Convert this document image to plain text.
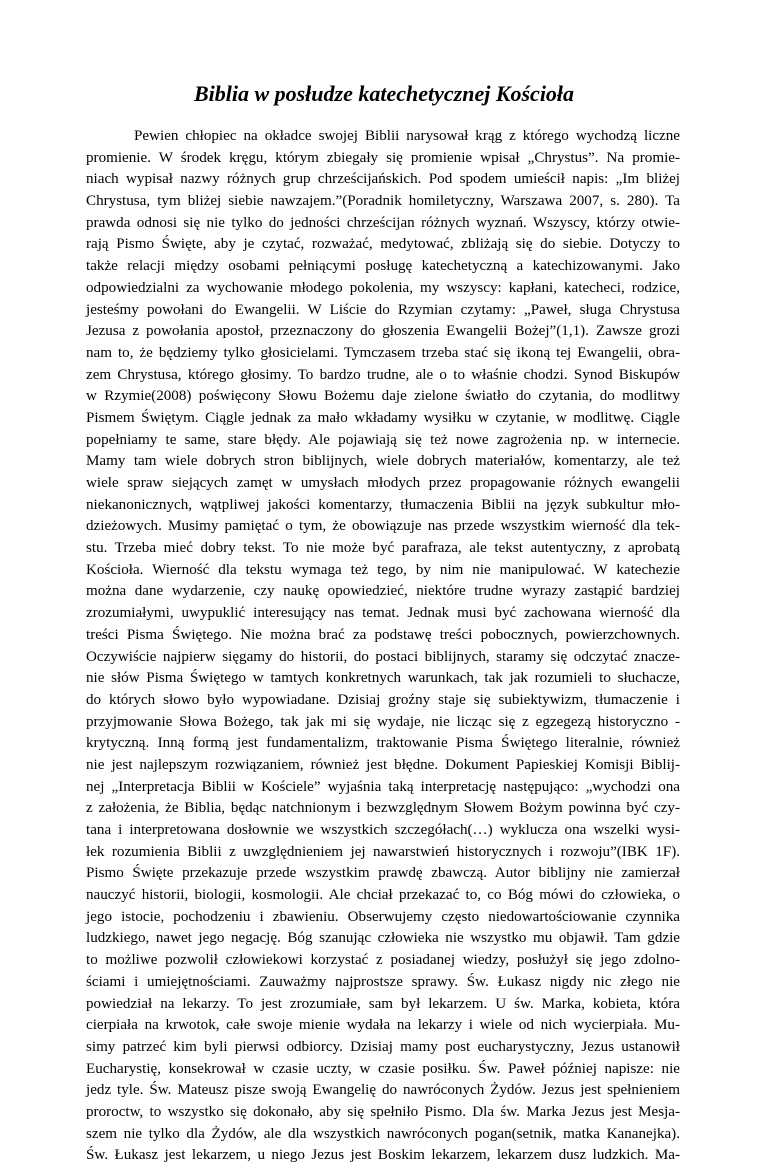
Biblia w posłudze katechetycznej Kościoła
Pewien chłopiec na okładce swojej Biblii narysował krąg z którego wychodzą liczne
promienie. W środek kręgu, którym zbiegały się promienie wpisał „Chrystus”. Na promie-
niach wypisał nazwy różnych grup chrześcijańskich. Pod spodem umieścił napis: „Im bliżej
Chrystusa, tym bliżej siebie nawzajem.”(Poradnik homiletyczny, Warszawa 2007, s. 280). Ta
prawda odnosi się nie tylko do jedności chrześcijan różnych wyznań. Wszyscy, którzy otwie-
rają Pismo Święte, aby je czytać, rozważać, medytować, zbliżają się do siebie. Dotyczy to
także relacji między osobami pełniącymi posługę katechetyczną a katechizowanymi. Jako
odpowiedzialni za wychowanie młodego pokolenia, my wszyscy: kapłani, katecheci, rodzice,
jesteśmy powołani do Ewangelii. W Liście do Rzymian czytamy: „Paweł, sługa Chrystusa
Jezusa z powołania apostoł, przeznaczony do głoszenia Ewangelii Bożej”(1,1). Zawsze grozi
nam to, że będziemy tylko głosicielami. Tymczasem trzeba stać się ikoną tej Ewangelii, obra-
zem Chrystusa, którego głosimy. To bardzo trudne, ale o to właśnie chodzi. Synod Biskupów
w Rzymie(2008) poświęcony Słowu Bożemu daje zielone światło do czytania, do modlitwy
Pismem Świętym. Ciągle jednak za mało wkładamy wysiłku w czytanie, w modlitwę. Ciągle
popełniamy te same, stare błędy. Ale pojawiają się też nowe zagrożenia np. w internecie.
Mamy tam wiele dobrych stron biblijnych, wiele dobrych materiałów, komentarzy, ale też
wiele spraw siejących zamęt w umysłach młodych przez propagowanie różnych ewangelii
niekanonicznych, wątpliwej jakości komentarzy, tłumaczenia Biblii na język subkultur mło-
dzieżowych. Musimy pamiętać o tym, że obowiązuje nas przede wszystkim wierność dla tek-
stu. Trzeba mieć dobry tekst. To nie może być parafraza, ale tekst autentyczny, z aprobatą
Kościoła. Wierność dla tekstu wymaga też tego, by nim nie manipulować. W katechezie
można dane wydarzenie, czy naukę opowiedzieć, niektóre trudne wyrazy zastąpić bardziej
zrozumiałymi, uwypuklić interesujący nas temat. Jednak musi być zachowana wierność dla
treści Pisma Świętego. Nie można brać za podstawę treści pobocznych, powierzchownych.
Oczywiście najpierw sięgamy do historii, do postaci biblijnych, staramy się odczytać znacze-
nie słów Pisma Świętego w tamtych konkretnych warunkach, tak jak rozumieli to słuchacze,
do których słowo było wypowiadane. Dzisiaj groźny staje się subiektywizm, tłumaczenie i
przyjmowanie Słowa Bożego, tak jak mi się wydaje, nie licząc się z egzegezą historyczno -
krytyczną. Inną formą jest fundamentalizm, traktowanie Pisma Świętego literalnie, również
nie jest najlepszym rozwiązaniem, również jest błędne. Dokument Papieskiej Komisji Biblij-
nej „Interpretacja Biblii w Kościele” wyjaśnia taką interpretację następująco: „wychodzi ona
z założenia, że Biblia, będąc natchnionym i bezwzględnym Słowem Bożym powinna być czy-
tana i interpretowana dosłownie we wszystkich szczegółach(…) wyklucza ona wszelki wysi-
łek rozumienia Biblii z uwzględnieniem jej nawarstwień historycznych i rozwoju”(IBK 1F).
Pismo Święte przekazuje przede wszystkim prawdę zbawczą. Autor biblijny nie zamierzał
nauczyć historii, biologii, kosmologii. Ale chciał przekazać to, co Bóg mówi do człowieka, o
jego istocie, pochodzeniu i zbawieniu. Obserwujemy często niedowartościowanie czynnika
ludzkiego, nawet jego negację. Bóg szanując człowieka nie wszystko mu objawił. Tam gdzie
to możliwe pozwolił człowiekowi korzystać z posiadanej wiedzy, posłużył się jego zdolno-
ściami i umiejętnościami. Zauważmy najprostsze sprawy. Św. Łukasz nigdy nic złego nie
powiedział na lekarzy. To jest zrozumiałe, sam był lekarzem. U św. Marka, kobieta, która
cierpiała na krwotok, całe swoje mienie wydała na lekarzy i wiele od nich wycierpiała. Mu-
simy patrzeć kim byli pierwsi odbiorcy. Dzisiaj mamy post eucharystyczny, Jezus ustanowił
Eucharystię, konsekrował w czasie uczty, w czasie posiłku. Św. Paweł później napisze: nie
jedz tyle. Św. Mateusz pisze swoją Ewangelię do nawróconych Żydów. Jezus jest spełnieniem
proroctw, to wszystko się dokonało, aby się spełniło Pismo. Dla św. Marka Jezus jest Mesja-
szem nie tylko dla Żydów, ale dla wszystkich nawróconych pogan(setnik, matka Kananejka).
Św. Łukasz jest lekarzem, u niego Jezus jest Boskim lekarzem, lekarzem dusz ludzkich. Ma-
